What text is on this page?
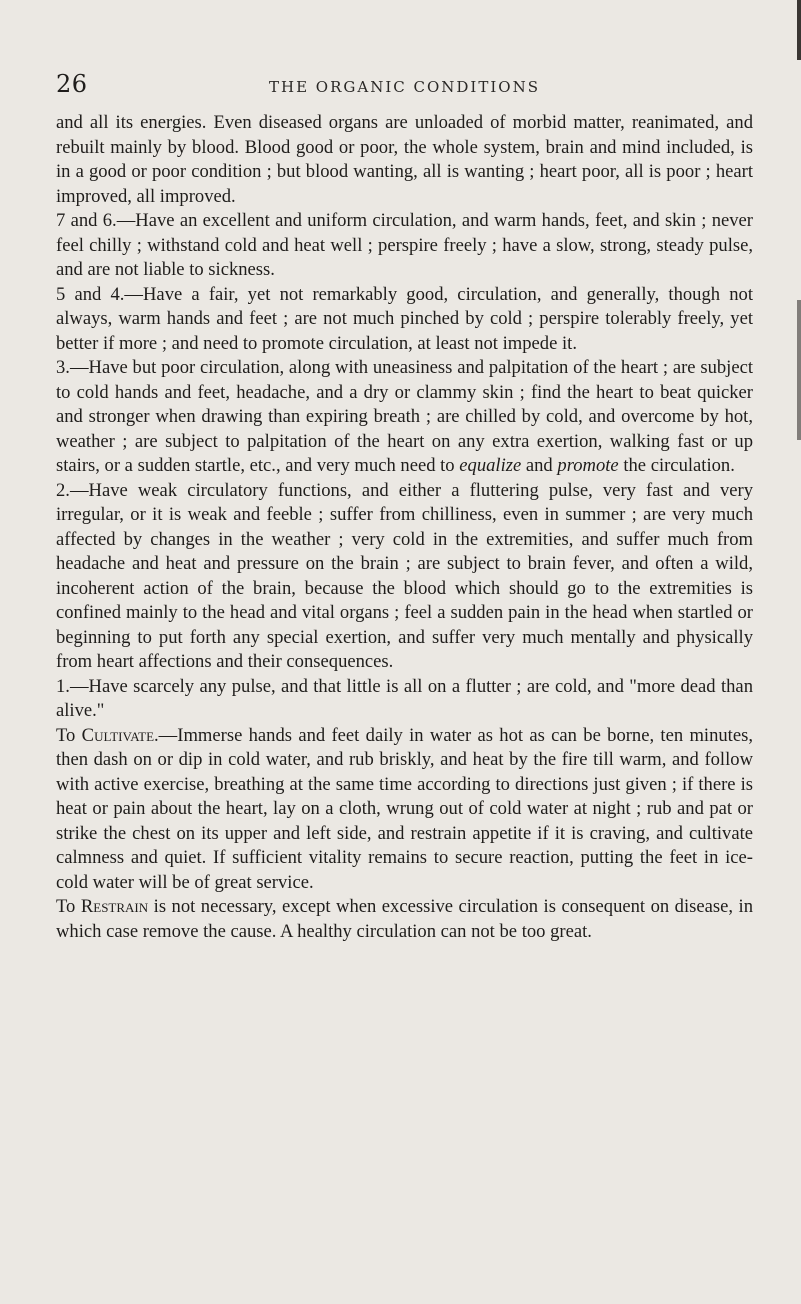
26	THE ORGANIC CONDITIONS

and all its energies. Even diseased organs are unloaded of morbid matter, reanimated, and rebuilt mainly by blood. Blood good or poor, the whole system, brain and mind included, is in a good or poor condition ; but blood wanting, all is wanting ; heart poor, all is poor ; heart improved, all improved.

7 and 6.—Have an excellent and uniform circulation, and warm hands, feet, and skin ; never feel chilly ; withstand cold and heat well ; perspire freely ; have a slow, strong, steady pulse, and are not liable to sickness.

5 and 4.—Have a fair, yet not remarkably good, circulation, and generally, though not always, warm hands and feet ; are not much pinched by cold ; perspire tolerably freely, yet better if more ; and need to promote circulation, at least not impede it.

3.—Have but poor circulation, along with uneasiness and palpitation of the heart ; are subject to cold hands and feet, headache, and a dry or clammy skin ; find the heart to beat quicker and stronger when drawing than expiring breath ; are chilled by cold, and overcome by hot, weather ; are subject to palpitation of the heart on any extra exertion, walking fast or up stairs, or a sudden startle, etc., and very much need to equalize and promote the circulation.

2.—Have weak circulatory functions, and either a fluttering pulse, very fast and very irregular, or it is weak and feeble ; suffer from chilliness, even in summer ; are very much affected by changes in the weather ; very cold in the extremities, and suffer much from headache and heat and pressure on the brain ; are subject to brain fever, and often a wild, incoherent action of the brain, because the blood which should go to the extremities is confined mainly to the head and vital organs ; feel a sudden pain in the head when startled or beginning to put forth any special exertion, and suffer very much mentally and physically from heart affections and their consequences.

1.—Have scarcely any pulse, and that little is all on a flutter ; are cold, and "more dead than alive."

To Cultivate.—Immerse hands and feet daily in water as hot as can be borne, ten minutes, then dash on or dip in cold water, and rub briskly, and heat by the fire till warm, and follow with active exercise, breathing at the same time according to directions just given ; if there is heat or pain about the heart, lay on a cloth, wrung out of cold water at night ; rub and pat or strike the chest on its upper and left side, and restrain appetite if it is craving, and cultivate calmness and quiet. If sufficient vitality remains to secure reaction, putting the feet in ice-cold water will be of great service.

To Restrain is not necessary, except when excessive circulation is consequent on disease, in which case remove the cause. A healthy circulation can not be too great.
